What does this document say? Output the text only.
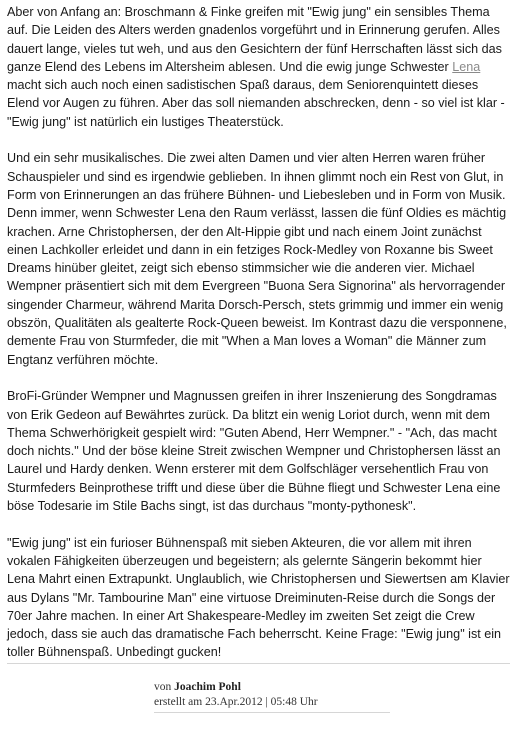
Aber von Anfang an: Broschmann & Finke greifen mit "Ewig jung" ein sensibles Thema auf. Die Leiden des Alters werden gnadenlos vorgeführt und in Erinnerung gerufen. Alles dauert lange, vieles tut weh, und aus den Gesichtern der fünf Herrschaften lässt sich das ganze Elend des Lebens im Altersheim ablesen. Und die ewig junge Schwester Lena macht sich auch noch einen sadistischen Spaß daraus, dem Seniorenquintett dieses Elend vor Augen zu führen. Aber das soll niemanden abschrecken, denn - so viel ist klar - "Ewig jung" ist natürlich ein lustiges Theaterstück.

Und ein sehr musikalisches. Die zwei alten Damen und vier alten Herren waren früher Schauspieler und sind es irgendwie geblieben. In ihnen glimmt noch ein Rest von Glut, in Form von Erinnerungen an das frühere Bühnen- und Liebesleben und in Form von Musik. Denn immer, wenn Schwester Lena den Raum verlässt, lassen die fünf Oldies es mächtig krachen. Arne Christophersen, der den Alt-Hippie gibt und nach einem Joint zunächst einen Lachkoller erleidet und dann in ein fetziges Rock-Medley von Roxanne bis Sweet Dreams hinüber gleitet, zeigt sich ebenso stimmsicher wie die anderen vier. Michael Wempner präsentiert sich mit dem Evergreen "Buona Sera Signorina" als hervorragender singender Charmeur, während Marita Dorsch-Persch, stets grimmig und immer ein wenig obszön, Qualitäten als gealterte Rock-Queen beweist. Im Kontrast dazu die versponnene, demente Frau von Sturmfeder, die mit "When a Man loves a Woman" die Männer zum Engtanz verführen möchte.

BroFi-Gründer Wempner und Magnussen greifen in ihrer Inszenierung des Songdramas von Erik Gedeon auf Bewährtes zurück. Da blitzt ein wenig Loriot durch, wenn mit dem Thema Schwerhörigkeit gespielt wird: "Guten Abend, Herr Wempner." - "Ach, das macht doch nichts." Und der böse kleine Streit zwischen Wempner und Christophersen lässt an Laurel und Hardy denken. Wenn ersterer mit dem Golfschläger versehentlich Frau von Sturmfeders Beinprothese trifft und diese über die Bühne fliegt und Schwester Lena eine böse Todesarie im Stile Bachs singt, ist das durchaus "monty-pythonesk".

"Ewig jung" ist ein furioser Bühnenspaß mit sieben Akteuren, die vor allem mit ihren vokalen Fähigkeiten überzeugen und begeistern; als gelernte Sängerin bekommt hier Lena Mahrt einen Extrapunkt. Unglaublich, wie Christophersen und Siewertsen am Klavier aus Dylans "Mr. Tambourine Man" eine virtuose Dreiminuten-Reise durch die Songs der 70er Jahre machen. In einer Art Shakespeare-Medley im zweiten Set zeigt die Crew jedoch, dass sie auch das dramatische Fach beherrscht. Keine Frage: "Ewig jung" ist ein toller Bühnenspaß. Unbedingt gucken!

von Joachim Pohl
erstellt am 23.Apr.2012 | 05:48 Uhr
